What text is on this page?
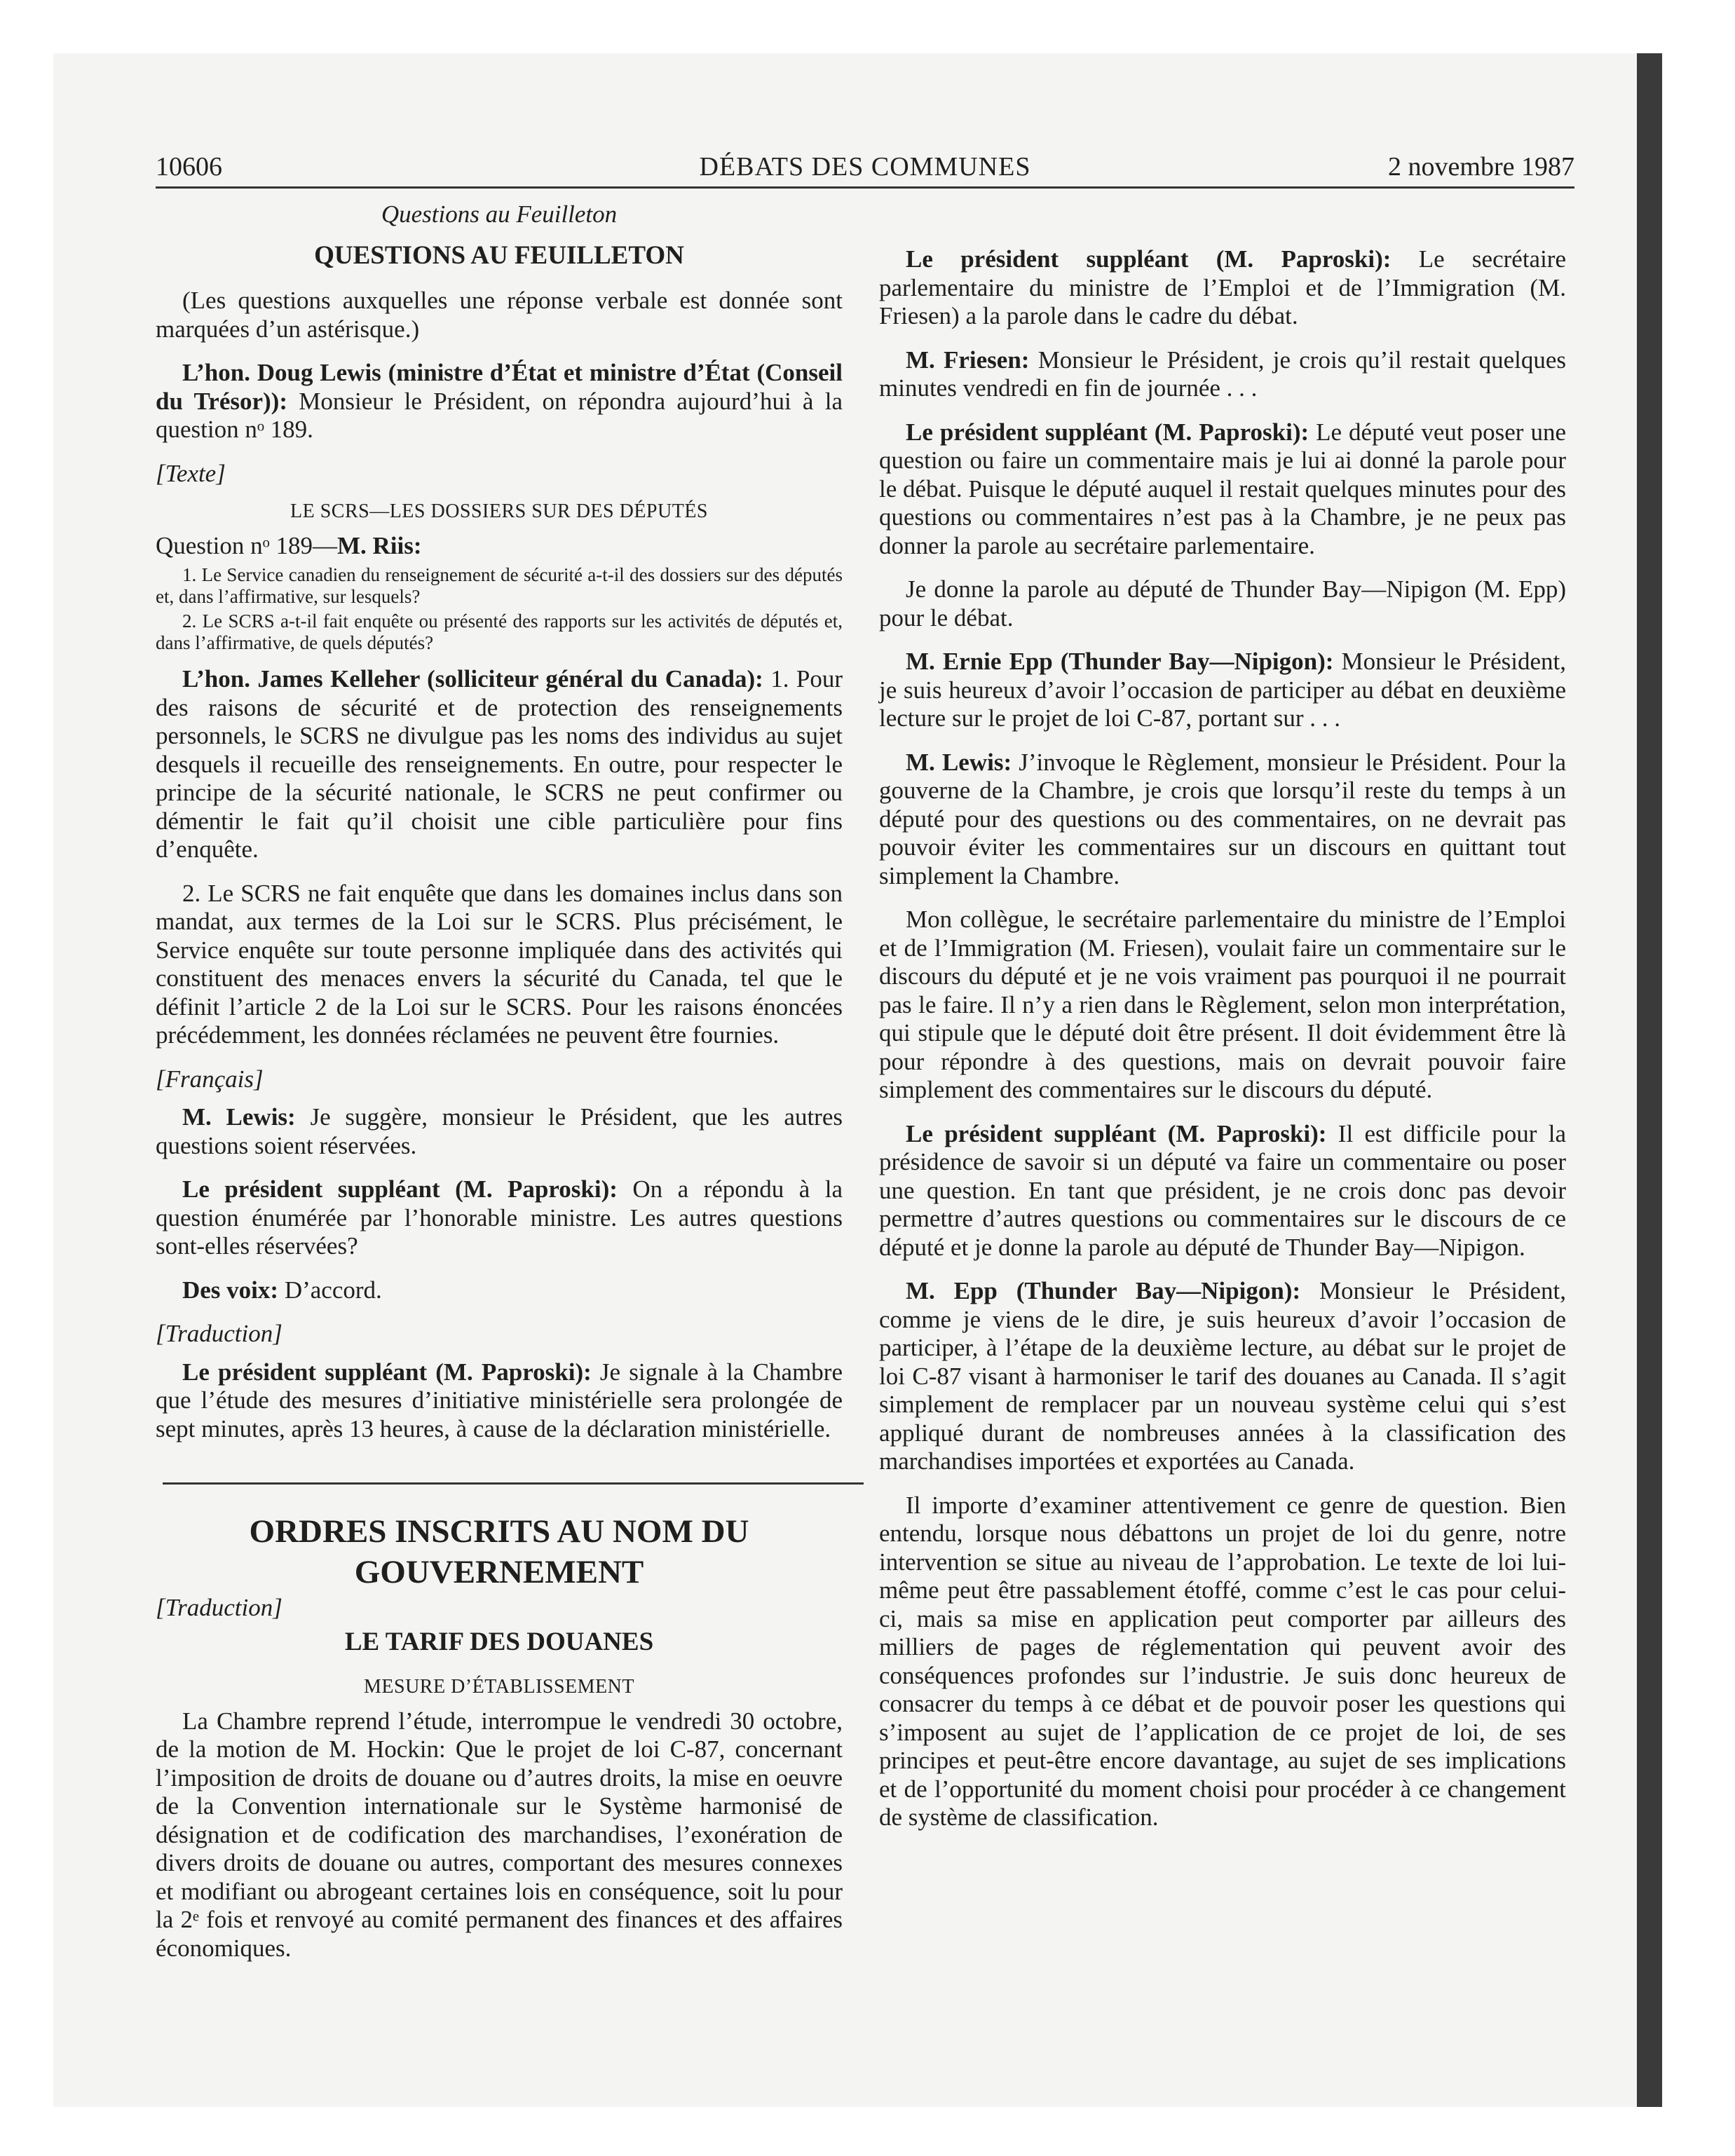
10606	DÉBATS DES COMMUNES	2 novembre 1987
Questions au Feuilleton
QUESTIONS AU FEUILLETON

(Les questions auxquelles une réponse verbale est donnée sont marquées d’un astérisque.)

L’hon. Doug Lewis (ministre d’État et ministre d’État (Conseil du Trésor)): Monsieur le Président, on répondra aujourd’hui à la question nᵒ 189.

[Texte]
LE SCRS—LES DOSSIERS SUR DES DÉPUTÉS
Question nᵒ 189—M. Riis:

1. Le Service canadien du renseignement de sécurité a-t-il des dossiers sur des députés et, dans l’affirmative, sur lesquels?

2. Le SCRS a-t-il fait enquête ou présenté des rapports sur les activités de députés et, dans l’affirmative, de quels députés?

L’hon. James Kelleher (solliciteur général du Canada): 1. Pour des raisons de sécurité et de protection des renseignements personnels, le SCRS ne divulgue pas les noms des individus au sujet desquels il recueille des renseignements. En outre, pour respecter le principe de la sécurité nationale, le SCRS ne peut confirmer ou démentir le fait qu’il choisit une cible particulière pour fins d’enquête.

2. Le SCRS ne fait enquête que dans les domaines inclus dans son mandat, aux termes de la Loi sur le SCRS. Plus précisément, le Service enquête sur toute personne impliquée dans des activités qui constituent des menaces envers la sécurité du Canada, tel que le définit l’article 2 de la Loi sur le SCRS. Pour les raisons énoncées précédemment, les données réclamées ne peuvent être fournies.

[Français]

M. Lewis: Je suggère, monsieur le Président, que les autres questions soient réservées.

Le président suppléant (M. Paproski): On a répondu à la question énumérée par l’honorable ministre. Les autres questions sont-elles réservées?

Des voix: D’accord.

[Traduction]

Le président suppléant (M. Paproski): Je signale à la Chambre que l’étude des mesures d’initiative ministérielle sera prolongée de sept minutes, après 13 heures, à cause de la déclaration ministérielle.

ORDRES INSCRITS AU NOM DU
GOUVERNEMENT
[Traduction]
LE TARIF DES DOUANES
MESURE D’ÉTABLISSEMENT

La Chambre reprend l’étude, interrompue le vendredi 30 octobre, de la motion de M. Hockin: Que le projet de loi C-87, concernant l’imposition de droits de douane ou d’autres droits, la mise en oeuvre de la Convention internationale sur le Système harmonisé de désignation et de codification des marchandises, l’exonération de divers droits de douane ou autres, comportant des mesures connexes et modifiant ou abrogeant certaines lois en conséquence, soit lu pour la 2ᵉ fois et renvoyé au comité permanent des finances et des affaires économiques.

Le président suppléant (M. Paproski): Le secrétaire parlementaire du ministre de l’Emploi et de l’Immigration (M. Friesen) a la parole dans le cadre du débat.

M. Friesen: Monsieur le Président, je crois qu’il restait quelques minutes vendredi en fin de journée . . .

Le président suppléant (M. Paproski): Le député veut poser une question ou faire un commentaire mais je lui ai donné la parole pour le débat. Puisque le député auquel il restait quelques minutes pour des questions ou commentaires n’est pas à la Chambre, je ne peux pas donner la parole au secrétaire parlementaire.

Je donne la parole au député de Thunder Bay—Nipigon (M. Epp) pour le débat.

M. Ernie Epp (Thunder Bay—Nipigon): Monsieur le Président, je suis heureux d’avoir l’occasion de participer au débat en deuxième lecture sur le projet de loi C-87, portant sur . . .

M. Lewis: J’invoque le Règlement, monsieur le Président. Pour la gouverne de la Chambre, je crois que lorsqu’il reste du temps à un député pour des questions ou des commentaires, on ne devrait pas pouvoir éviter les commentaires sur un discours en quittant tout simplement la Chambre.

Mon collègue, le secrétaire parlementaire du ministre de l’Emploi et de l’Immigration (M. Friesen), voulait faire un commentaire sur le discours du député et je ne vois vraiment pas pourquoi il ne pourrait pas le faire. Il n’y a rien dans le Règlement, selon mon interprétation, qui stipule que le député doit être présent. Il doit évidemment être là pour répondre à des questions, mais on devrait pouvoir faire simplement des commentaires sur le discours du député.

Le président suppléant (M. Paproski): Il est difficile pour la présidence de savoir si un député va faire un commentaire ou poser une question. En tant que président, je ne crois donc pas devoir permettre d’autres questions ou commentaires sur le discours de ce député et je donne la parole au député de Thunder Bay—Nipigon.

M. Epp (Thunder Bay—Nipigon): Monsieur le Président, comme je viens de le dire, je suis heureux d’avoir l’occasion de participer, à l’étape de la deuxième lecture, au débat sur le projet de loi C-87 visant à harmoniser le tarif des douanes au Canada. Il s’agit simplement de remplacer par un nouveau système celui qui s’est appliqué durant de nombreuses années à la classification des marchandises importées et exportées au Canada.

Il importe d’examiner attentivement ce genre de question. Bien entendu, lorsque nous débattons un projet de loi du genre, notre intervention se situe au niveau de l’approbation. Le texte de loi lui-même peut être passablement étoffé, comme c’est le cas pour celui-ci, mais sa mise en application peut comporter par ailleurs des milliers de pages de réglementation qui peuvent avoir des conséquences profondes sur l’industrie. Je suis donc heureux de consacrer du temps à ce débat et de pouvoir poser les questions qui s’imposent au sujet de l’application de ce projet de loi, de ses principes et peut-être encore davantage, au sujet de ses implications et de l’opportunité du moment choisi pour procéder à ce changement de système de classification.
